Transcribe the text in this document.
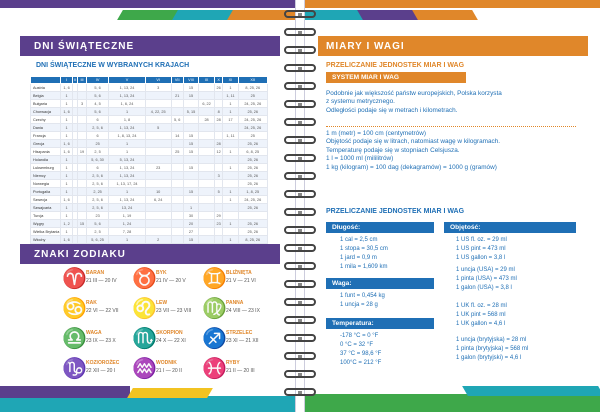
DNI ŚWIĄTECZNE
DNI ŚWIĄTECZNE W WYBRANYCH KRAJACH
	I	II	III	IV	V	VI	VII	VIII	IX	X	XI	XII
Austria	1, 6			5, 6	1, 13, 24	3		15		26	1	8, 25, 26
Belgia	1			5, 6	1, 13, 24		21	15			1, 11	25
Bułgaria	1		3	4, 5	1, 6, 24				6, 22		1	24, 25, 26
Chorwacja	1, 6			5, 6	1	4, 22, 25		5, 15		8	1	25, 26
Czechy	1			6	1, 8		5, 6		28	28	17	24, 25, 26
Dania	1			2, 5, 6	1, 13, 24	5						24, 25, 26
Francja	1			6	1, 8, 13, 24		14	15			1, 11	25
Grecja	1, 6			25	1			15		28		25, 26
Hiszpania	1, 6		19	2, 5	1		25	15		12	1	6, 8, 25
Holandia	1			5, 6, 30	5, 13, 24							25, 26
Luksemburg	1			6	1, 13, 24	23		15			1	25, 26
Niemcy	1			2, 5, 6	1, 13, 24					3		25, 26
Norwegia	1			2, 5, 6	1, 13, 17, 24							25, 26
Portugalia	1			2, 25	1	10		15		5	1	1, 8, 25
Szwecja	1, 6			2, 5, 6	1, 13, 24	6, 24					1	24, 25, 26
Szwajcaria	1			2, 5, 6	13, 24			1				25, 26
Turcja	1			23	1, 19			30		29		
Węgry	1, 2		15	5, 6	1, 24			20		23	1	25, 26
Wielka Brytania	1			2, 5	7, 28			27				25, 26
Włochy	1, 6			5, 6, 25	1	2		15			1	8, 25, 26
ZNAKI ZODIAKU
♈ BARAN
21 III — 20 IV ♉ BYK
21 IV — 20 V ♊ BLIŹNIĘTA
21 V — 21 VI
♋ RAK
22 VI — 22 VII ♌ LEW
23 VII — 23 VIII ♍ PANNA
24 VIII — 23 IX
♎ WAGA
23 IX — 23 X ♏ SKORPION
24 X — 22 XI ♐ STRZELEC
23 XI — 21 XII
♑ KOZIOROŻEC
22 XII — 20 I ♒ WODNIK
21 I — 20 II ♓ RYBY
21 II — 20 III
MIARY I WAGI
PRZELICZANIE JEDNOSTEK MIAR I WAG
SYSTEM MIAR I WAG
Podobnie jak większość państw europejskich, Polska korzysta
z systemu metrycznego.
Odległości podaje się w metrach i kilometrach.
1 m (metr) = 100 cm (centymetrów)
Objętość podaje się w litrach, natomiast wagę w kilogramach.
Temperaturę podaje się w stopniach Celsjusza.
1 l = 1000 ml (mililitrów)
1 kg (kilogram) = 100 dag (dekagramów) = 1000 g (gramów)
PRZELICZANIE JEDNOSTEK MIAR I WAG
Długość:
1 cal = 2,5 cm
1 stopa = 30,5 cm
1 jard = 0,9 m
1 mila = 1,609 km
Waga:
1 funt = 0,454 kg
1 uncja = 28 g
Temperatura:
-178 °C = 0 °F
0 °C = 32 °F
37 °C = 98,6 °F
100°C = 212 °F
Objętość:
1 US fl. oz. = 29 ml
1 US pint = 473 ml
1 US gallon = 3,8 l
1 uncja (USA) = 29 ml
1 pinta (USA) = 473 ml
1 galon (USA) = 3,8 l
1 UK fl. oz. = 28 ml
1 UK pint = 568 ml
1 UK gallon = 4,6 l
1 uncja (brytyjska) = 28 ml
1 pinta (brytyjska) = 568 ml
1 galon (brytyjski) = 4,6 l
